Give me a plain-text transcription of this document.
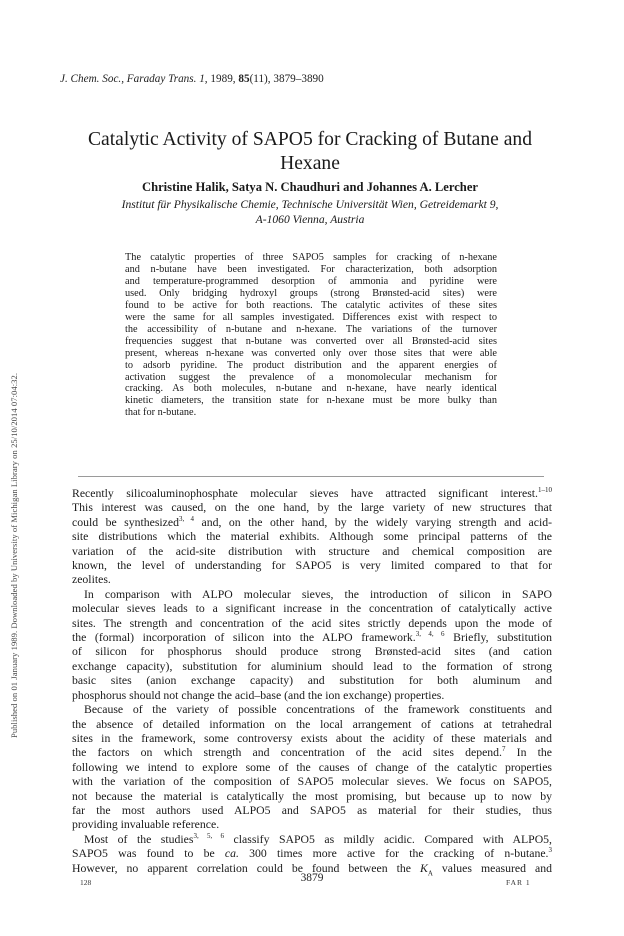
Published on 01 January 1989. Downloaded by University of Michigan Library on 25/10/2014 07:04:32.
J. Chem. Soc., Faraday Trans. 1, 1989, 85(11), 3879–3890
Catalytic Activity of SAPO5 for Cracking of Butane and
Hexane
Christine Halik, Satya N. Chaudhuri and Johannes A. Lercher
Institut für Physikalische Chemie, Technische Universität Wien, Getreidemarkt 9,
A-1060 Vienna, Austria
The catalytic properties of three SAPO5 samples for cracking of n-hexane
and n-butane have been investigated. For characterization, both adsorption
and temperature-programmed desorption of ammonia and pyridine were
used. Only bridging hydroxyl groups (strong Brønsted-acid sites) were
found to be active for both reactions. The catalytic activites of these sites
were the same for all samples investigated. Differences exist with respect to
the accessibility of n-butane and n-hexane. The variations of the turnover
frequencies suggest that n-butane was converted over all Brønsted-acid sites
present, whereas n-hexane was converted only over those sites that were able
to adsorb pyridine. The product distribution and the apparent energies of
activation suggest the prevalence of a monomolecular mechanism for
cracking. As both molecules, n-butane and n-hexane, have nearly identical
kinetic diameters, the transition state for n-hexane must be more bulky than
that for n-butane.
Recently silicoaluminophosphate molecular sieves have attracted significant interest.$^{1-10}$
This interest was caused, on the one hand, by the large variety of new structures that
could be synthesized$^{3, 4}$ and, on the other hand, by the widely varying strength and acid-
site distributions which the material exhibits. Although some principal patterns of the
variation of the acid-site distribution with structure and chemical composition are
known, the level of understanding for SAPO5 is very limited compared to that for
zeolites.
In comparison with ALPO molecular sieves, the introduction of silicon in SAPO
molecular sieves leads to a significant increase in the concentration of catalytically active
sites. The strength and concentration of the acid sites strictly depends upon the mode of
the (formal) incorporation of silicon into the ALPO framework.$^{3, 4, 6}$ Briefly, substitution
of silicon for phosphorus should produce strong Brønsted-acid sites (and cation
exchange capacity), substitution for aluminium should lead to the formation of strong
basic sites (anion exchange capacity) and substitution for both aluminum and
phosphorus should not change the acid–base (and the ion exchange) properties.
Because of the variety of possible concentrations of the framework constituents and
the absence of detailed information on the local arrangement of cations at tetrahedral
sites in the framework, some controversy exists about the acidity of these materials and
the factors on which strength and concentration of the acid sites depend.$^7$ In the
following we intend to explore some of the causes of change of the catalytic properties
with the variation of the composition of SAPO5 molecular sieves. We focus on SAPO5,
not because the material is catalytically the most promising, but because up to now by
far the most authors used ALPO5 and SAPO5 as material for their studies, thus
providing invaluable reference.
Most of the studies$^{3, 5, 6}$ classify SAPO5 as mildly acidic. Compared with ALPO5,
SAPO5 was found to be ca. 300 times more active for the cracking of n-butane.$^3$
However, no apparent correlation could be found between the $K_A$ values measured and
128	3879	FAR 1
